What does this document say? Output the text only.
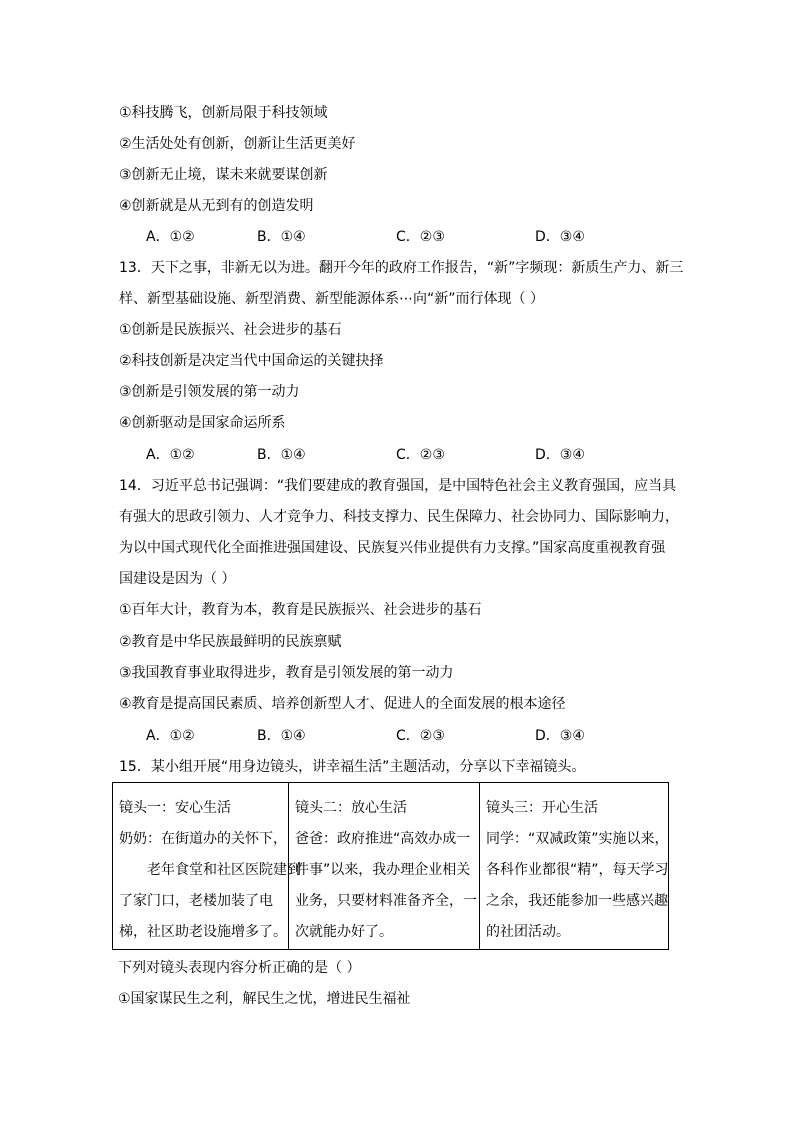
①科技腾飞，创新局限于科技领域
②生活处处有创新，创新让生活更美好
③创新无止境，谋未来就要谋创新
④创新就是从无到有的创造发明
A．①②	B．①④	C．②③	D．③④
13．天下之事，非新无以为进。翻开今年的政府工作报告，“新”字频现：新质生产力、新三
样、新型基础设施、新型消费、新型能源体系⋯向“新”而行体现（ ）
①创新是民族振兴、社会进步的基石
②科技创新是决定当代中国命运的关键抉择
③创新是引领发展的第一动力
④创新驱动是国家命运所系
A．①②	B．①④	C．②③	D．③④
14．习近平总书记强调：“我们要建成的教育强国，是中国特色社会主义教育强国，应当具
有强大的思政引领力、人才竞争力、科技支撑力、民生保障力、社会协同力、国际影响力，
为以中国式现代化全面推进强国建设、民族复兴伟业提供有力支撑。”国家高度重视教育强
国建设是因为（ ）
①百年大计，教育为本，教育是民族振兴、社会进步的基石
②教育是中华民族最鲜明的民族禀赋
③我国教育事业取得进步，教育是引领发展的第一动力
④教育是提高国民素质、培养创新型人才、促进人的全面发展的根本途径
A．①②	B．①④	C．②③	D．③④
15．某小组开展“用身边镜头，讲幸福生活”主题活动，分享以下幸福镜头。
镜头一：安心生活
奶奶：在街道办的关怀下，
老年食堂和社区医院建到
了家门口，老楼加装了电
梯，社区助老设施增多了。

镜头二：放心生活
爸爸：政府推进“高效办成一
件事”以来，我办理企业相关
业务，只要材料准备齐全，一
次就能办好了。

镜头三：开心生活
同学：“双减政策”实施以来，
各科作业都很“精”，每天学习
之余，我还能参加一些感兴趣
的社团活动。
下列对镜头表现内容分析正确的是（ ）
①国家谋民生之利，解民生之忧，增进民生福祉
